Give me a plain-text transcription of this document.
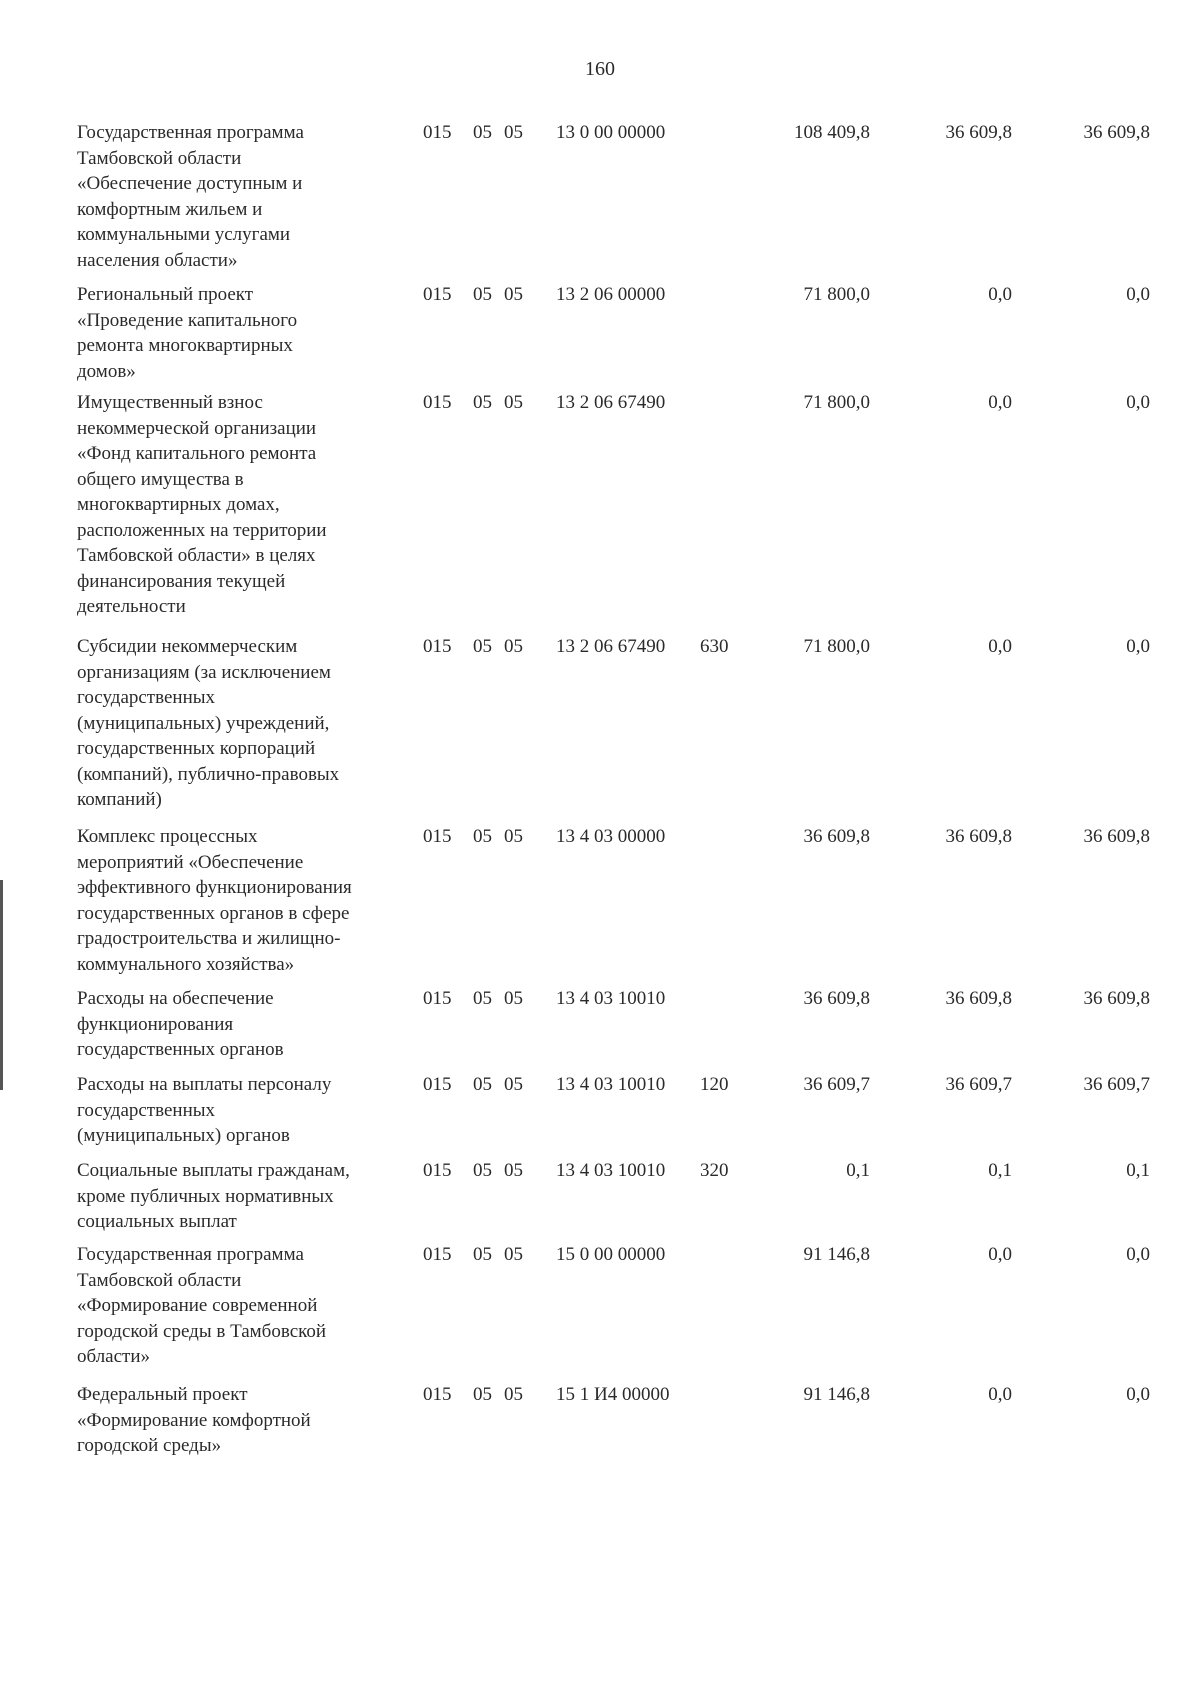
160
Государственная программа
Тамбовской области
«Обеспечение доступным и
комфортным жильем и
коммунальными услугами
населения области»
015 05 05 13 0 00 00000	108 409,8	36 609,8	36 609,8
Региональный проект
«Проведение капитального
ремонта многоквартирных
домов»
015 05 05 13 2 06 00000	71 800,0	0,0	0,0
Имущественный взнос
некоммерческой организации
«Фонд капитального ремонта
общего имущества в
многоквартирных домах,
расположенных на территории
Тамбовской области» в целях
финансирования текущей
деятельности
015 05 05 13 2 06 67490	71 800,0	0,0	0,0
Субсидии некоммерческим
организациям (за исключением
государственных
(муниципальных) учреждений,
государственных корпораций
(компаний), публично-правовых
компаний)
015 05 05 13 2 06 67490 630	71 800,0	0,0	0,0
Комплекс процессных
мероприятий «Обеспечение
эффективного функционирования
государственных органов в сфере
градостроительства и жилищно-
коммунального хозяйства»
015 05 05 13 4 03 00000	36 609,8	36 609,8	36 609,8
Расходы на обеспечение
функционирования
государственных органов
015 05 05 13 4 03 10010	36 609,8	36 609,8	36 609,8
Расходы на выплаты персоналу
государственных
(муниципальных) органов
015 05 05 13 4 03 10010 120	36 609,7	36 609,7	36 609,7
Социальные выплаты гражданам,
кроме публичных нормативных
социальных выплат
015 05 05 13 4 03 10010 320	0,1	0,1	0,1
Государственная программа
Тамбовской области
«Формирование современной
городской среды в Тамбовской
области»
015 05 05 15 0 00 00000	91 146,8	0,0	0,0
Федеральный проект
«Формирование комфортной
городской среды»
015 05 05 15 1 И4 00000	91 146,8	0,0	0,0
